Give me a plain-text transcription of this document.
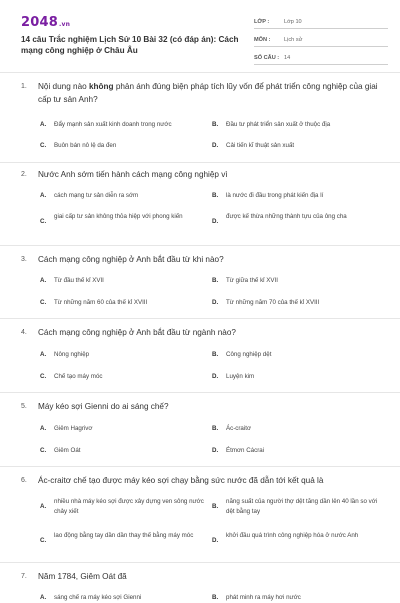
2048.vn
14 câu Trắc nghiệm Lịch Sử 10 Bài 32 (có đáp án): Cách mạng công nghiệp ở Châu Âu
LỚP :	Lớp 10
MÔN :	Lịch sử
SỐ CÂU : 14
1. Nội dung nào không phản ánh đúng biện pháp tích lũy vốn để phát triển công nghiệp của giai cấp tư sản Anh?
A. Đẩy mạnh sản xuất kinh doanh trong nước	B. Đầu tư phát triển sản xuất ở thuộc địa
C. Buôn bán nô lệ da đen	D. Cải tiến kĩ thuật sản xuất
2. Nước Anh sớm tiến hành cách mạng công nghiệp vì
A. cách mạng tư sản diễn ra sớm	B. là nước đi đầu trong phát kiến địa lí
C.
giai cấp tư sản không thỏa hiệp với phong kiến
D.
được kế thừa những thành tựu của ông cha
3. Cách mạng công nghiệp ở Anh bắt đầu từ khi nào?
A. Từ đầu thế kỉ XVII	B. Từ giữa thế kỉ XVII
C. Từ những năm 60 của thế kỉ XVIII	D. Từ những năm 70 của thế kỉ XVIII
4. Cách mạng công nghiệp ở Anh bắt đầu từ ngành nào?
A. Nông nghiệp	B. Công nghiệp dệt
C. Chế tạo máy móc	D. Luyện kim
5. Máy kéo sợi Gienni do ai sáng chế?
A. Giêm Hagrivơ	B. Ác-craitơ
C. Giêm Oát	D. Étmơn Cácrai
6. Ác-craitơ chế tạo được máy kéo sợi chạy bằng sức nước đã dẫn tới kết quả là
A.
nhiều nhà máy kéo sợi được xây dựng ven sông nước chảy xiết
B.
năng suất của người thợ dệt tăng dần lên 40 lần so với dệt bằng tay
C.
lao động bằng tay dần dần thay thế bằng máy móc
D.
khởi đầu quá trình công nghiệp hóa ở nước Anh
7. Năm 1784, Giêm Oát đã
A. sáng chế ra máy kéo sợi Gienni	B. phát minh ra máy hơi nước
